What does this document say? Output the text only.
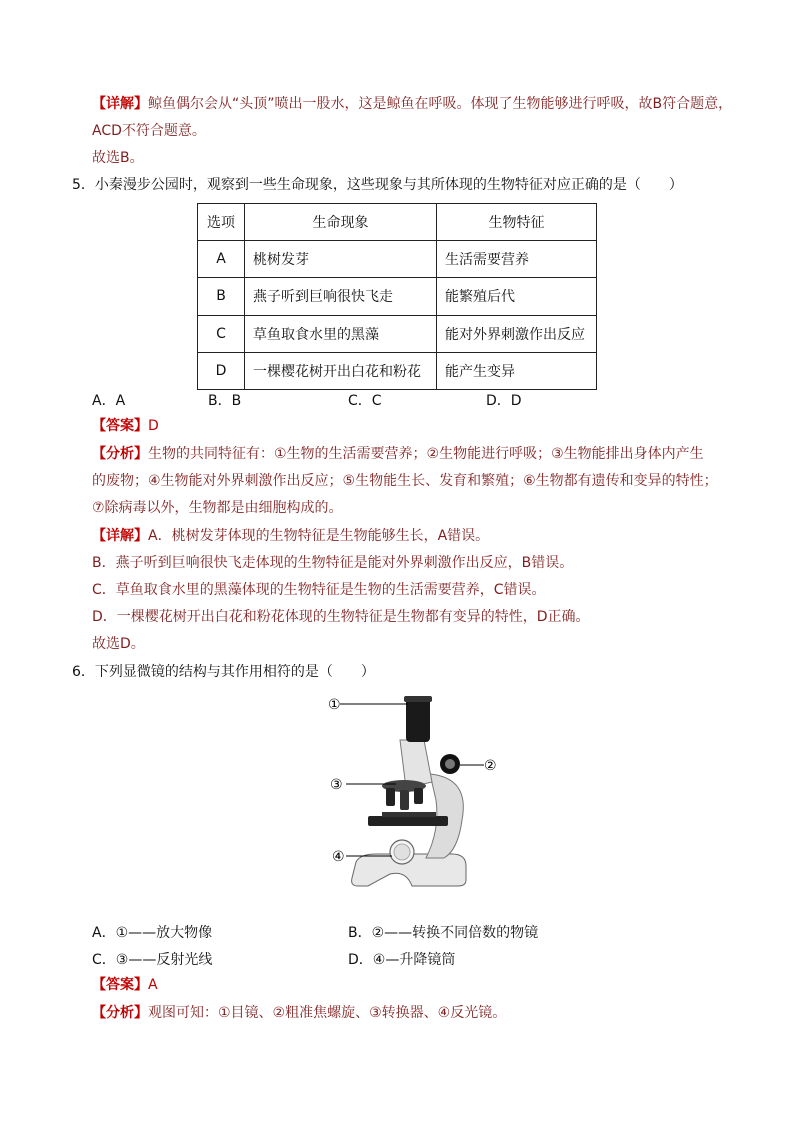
【详解】鲸鱼偶尔会从“头顶”喷出一股水，这是鲸鱼在呼吸。体现了生物能够进行呼吸，故B符合题意，
ACD不符合题意。
故选B。
5．小秦漫步公园时，观察到一些生命现象，这些现象与其所体现的生物特征对应正确的是（　　）
选项	生命现象	生物特征
A	桃树发芽	生活需要营养
B	燕子听到巨响很快飞走	能繁殖后代
C	草鱼取食水里的黑藻	能对外界刺激作出反应
D	一棵樱花树开出白花和粉花	能产生变异
A．A	B．B	C．C	D．D
【答案】D
【分析】生物的共同特征有：①生物的生活需要营养；②生物能进行呼吸；③生物能排出身体内产生
的废物；④生物能对外界刺激作出反应；⑤生物能生长、发育和繁殖；⑥生物都有遗传和变异的特性；
⑦除病毒以外，生物都是由细胞构成的。
【详解】A．桃树发芽体现的生物特征是生物能够生长，A错误。
B．燕子听到巨响很快飞走体现的生物特征是能对外界刺激作出反应，B错误。
C．草鱼取食水里的黑藻体现的生物特征是生物的生活需要营养，C错误。
D．一棵樱花树开出白花和粉花体现的生物特征是生物都有变异的特性，D正确。
故选D。
6．下列显微镜的结构与其作用相符的是（　　）
①
②
③
④
A．①——放大物像	B．②——转换不同倍数的物镜
C．③——反射光线	D．④—升降镜筒
【答案】A
【分析】观图可知：①目镜、②粗准焦螺旋、③转换器、④反光镜。
